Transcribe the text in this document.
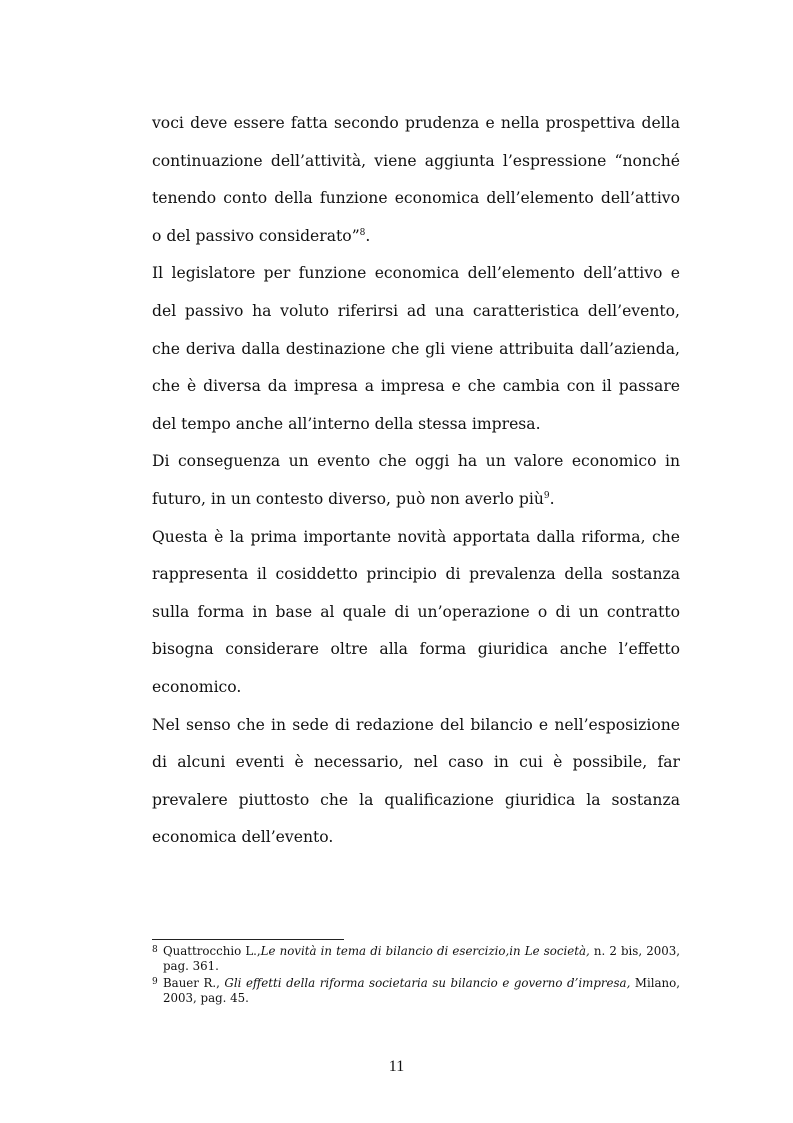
voci deve essere fatta secondo prudenza e nella prospettiva della continuazione dell’attività, viene aggiunta l’espressione “nonché tenendo conto della funzione economica dell’elemento dell’attivo o del passivo considerato”$^8$.

Il legislatore per funzione economica dell’elemento dell’attivo e del passivo ha voluto riferirsi ad una caratteristica dell’evento, che deriva dalla destinazione che gli viene attribuita dall’azienda, che è diversa da impresa a impresa e che cambia con il passare del tempo anche all’interno della stessa impresa.

Di conseguenza un evento che oggi ha un valore economico in futuro, in un contesto diverso, può non averlo più$^9$.

Questa è la prima importante novità apportata dalla riforma, che rappresenta il cosiddetto principio di prevalenza della sostanza sulla forma in base al quale di un’operazione o di un contratto bisogna considerare oltre alla forma giuridica anche l’effetto economico.

Nel senso che in sede di redazione del bilancio e nell’esposizione di alcuni eventi è necessario, nel caso in cui è possibile, far prevalere piuttosto che la qualificazione giuridica la sostanza economica dell’evento.

8 Quattrocchio L.,Le novità in tema di bilancio di esercizio,in Le società, n. 2 bis, 2003, pag. 361.

9 Bauer R., Gli effetti della riforma societaria su bilancio e governo d’impresa, Milano, 2003, pag. 45.

11
